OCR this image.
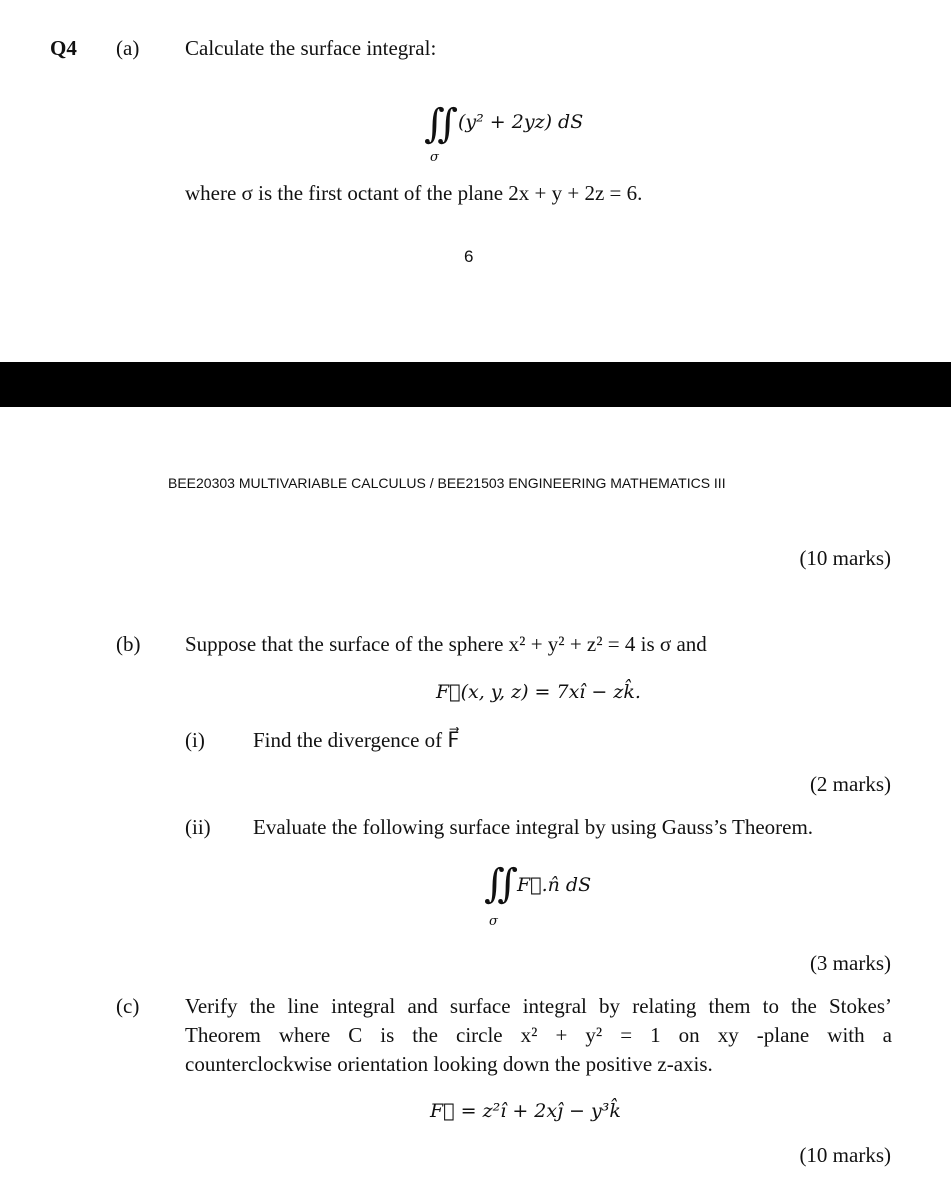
Q4 (a) Calculate the surface integral:
∬ (y² + 2yz) dS
σ
where σ is the first octant of the plane 2x + y + 2z = 6.
6
BEE20303 MULTIVARIABLE CALCULUS / BEE21503 ENGINEERING MATHEMATICS III
(10 marks)
(b) Suppose that the surface of the sphere x² + y² + z² = 4 is σ and
F⃗(x, y, z) = 7xî − zk̂.
(i) Find the divergence of F⃗
(2 marks)
(ii) Evaluate the following surface integral by using Gauss’s Theorem.
∬
F⃗.n̂ dS
σ
(3 marks)
(c) Verify the line integral and surface integral by relating them to the Stokes’
Theorem where C is the circle x² + y² = 1 on xy -plane with a
counterclockwise orientation looking down the positive z-axis.
F⃗ = z²î + 2xĵ − y³k̂
(10 marks)
